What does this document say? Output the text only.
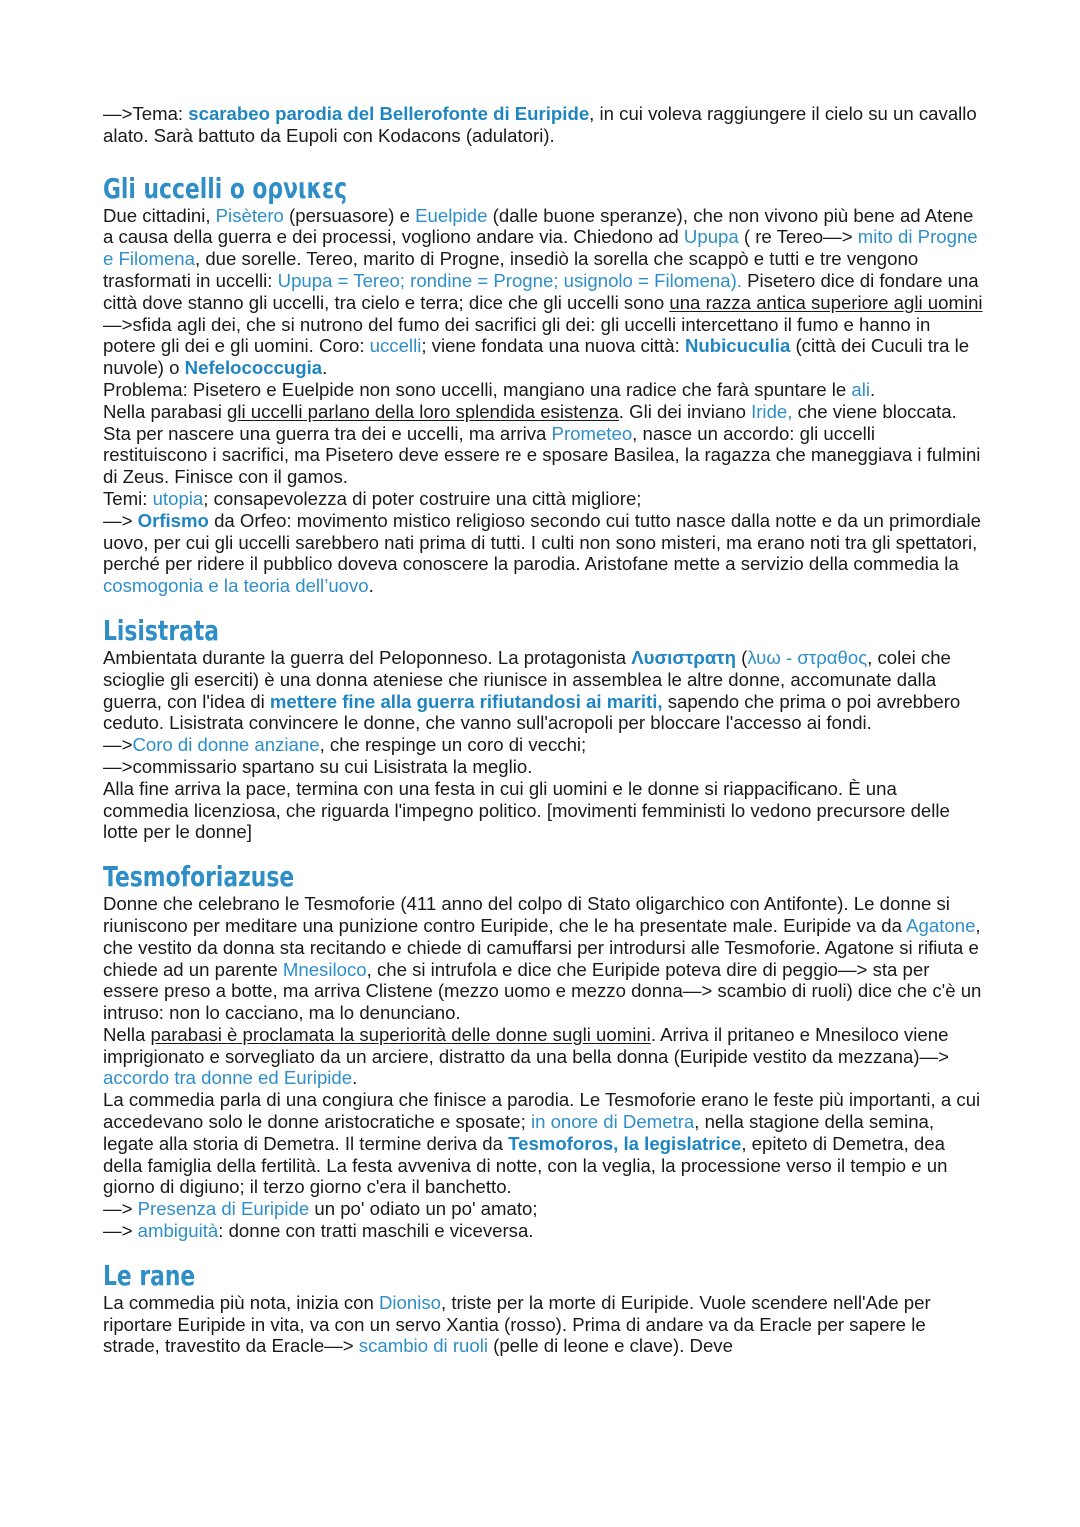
—>Tema: scarabeo parodia del Bellerofonte di Euripide, in cui voleva raggiungere il cielo su un cavallo alato. Sarà battuto da Eupoli con Kodacons (adulatori).

Gli uccelli o ορνικες

Due cittadini, Pisètero (persuasore) e Euelpide (dalle buone speranze), che non vivono più bene ad Atene a causa della guerra e dei processi, vogliono andare via. Chiedono ad Upupa ( re Tereo—> mito di Progne e Filomena, due sorelle. Tereo, marito di Progne, insediò la sorella che scappò e tutti e tre vengono trasformati in uccelli: Upupa = Tereo; rondine = Progne; usignolo = Filomena). Pisetero dice di fondare una città dove stanno gli uccelli, tra cielo e terra; dice che gli uccelli sono una razza antica superiore agli uomini—>sfida agli dei, che si nutrono del fumo dei sacrifici gli dei: gli uccelli intercettano il fumo e hanno in potere gli dei e gli uomini. Coro: uccelli; viene fondata una nuova città: Nubicuculia (città dei Cuculi tra le nuvole) o Nefelococcugia.

Problema: Pisetero e Euelpide non sono uccelli, mangiano una radice che farà spuntare le ali.

Nella parabasi gli uccelli parlano della loro splendida esistenza. Gli dei inviano Iride, che viene bloccata. Sta per nascere una guerra tra dei e uccelli, ma arriva Prometeo, nasce un accordo: gli uccelli restituiscono i sacrifici, ma Pisetero deve essere re e sposare Basilea, la ragazza che maneggiava i fulmini di Zeus. Finisce con il gamos.

Temi: utopia; consapevolezza di poter costruire una città migliore;

—> Orfismo da Orfeo: movimento mistico religioso secondo cui tutto nasce dalla notte e da un primordiale uovo, per cui gli uccelli sarebbero nati prima di tutti. I culti non sono misteri, ma erano noti tra gli spettatori, perché per ridere il pubblico doveva conoscere la parodia. Aristofane mette a servizio della commedia la cosmogonia e la teoria dell’uovo.

Lisistrata

Ambientata durante la guerra del Peloponneso. La protagonista Λυσιστρατη (λυω - στραθος, colei che scioglie gli eserciti) è una donna ateniese che riunisce in assemblea le altre donne, accomunate dalla guerra, con l'idea di mettere fine alla guerra rifiutandosi ai mariti, sapendo che prima o poi avrebbero ceduto. Lisistrata convincere le donne, che vanno sull'acropoli per bloccare l'accesso ai fondi.

—>Coro di donne anziane, che respinge un coro di vecchi;

—>commissario spartano su cui Lisistrata la meglio.

Alla fine arriva la pace, termina con una festa in cui gli uomini e le donne si riappacificano. È una commedia licenziosa, che riguarda l'impegno politico. [movimenti femministi lo vedono precursore delle lotte per le donne]

Tesmoforiazuse

Donne che celebrano le Tesmoforie (411 anno del colpo di Stato oligarchico con Antifonte). Le donne si riuniscono per meditare una punizione contro Euripide, che le ha presentate male. Euripide va da Agatone, che vestito da donna sta recitando e chiede di camuffarsi per introdursi alle Tesmoforie. Agatone si rifiuta e chiede ad un parente Mnesiloco, che si intrufola e dice che Euripide poteva dire di peggio—> sta per essere preso a botte, ma arriva Clistene (mezzo uomo e mezzo donna—> scambio di ruoli) dice che c'è un intruso: non lo cacciano, ma lo denunciano.

Nella parabasi è proclamata la superiorità delle donne sugli uomini. Arriva il pritaneo e Mnesiloco viene imprigionato e sorvegliato da un arciere, distratto da una bella donna (Euripide vestito da mezzana)—> accordo tra donne ed Euripide.

La commedia parla di una congiura che finisce a parodia. Le Tesmoforie erano le feste più importanti, a cui accedevano solo le donne aristocratiche e sposate; in onore di Demetra, nella stagione della semina, legate alla storia di Demetra. Il termine deriva da Tesmoforos, la legislatrice, epiteto di Demetra, dea della famiglia della fertilità. La festa avveniva di notte, con la veglia, la processione verso il tempio e un giorno di digiuno; il terzo giorno c'era il banchetto.

—> Presenza di Euripide un po' odiato un po' amato;

—> ambiguità: donne con tratti maschili e viceversa.

Le rane

La commedia più nota, inizia con Dioniso, triste per la morte di Euripide. Vuole scendere nell'Ade per riportare Euripide in vita, va con un servo Xantia (rosso). Prima di andare va da Eracle per sapere le strade, travestito da Eracle—> scambio di ruoli (pelle di leone e clave). Deve
